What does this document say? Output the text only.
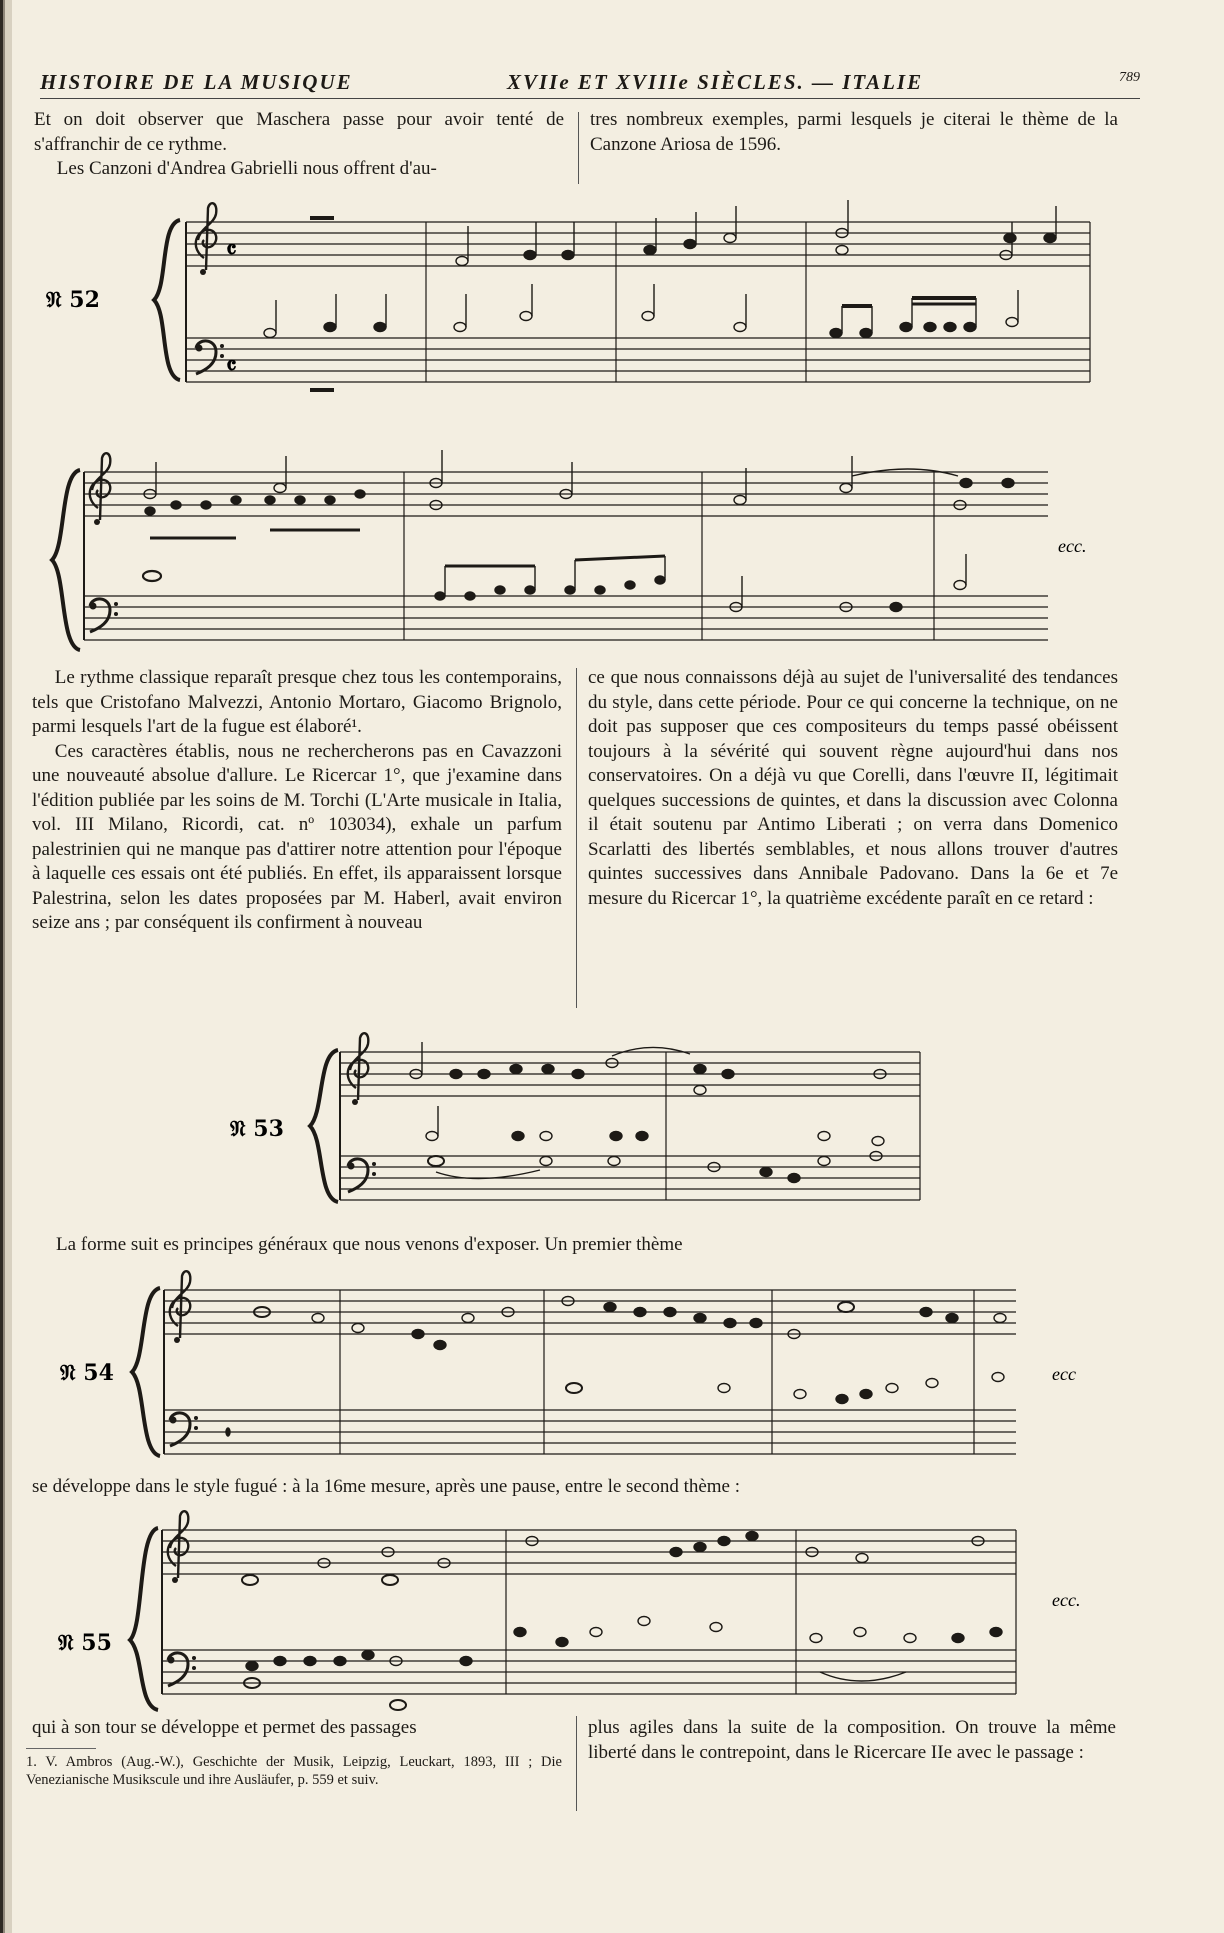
HISTOIRE DE LA MUSIQUE	XVIIe ET XVIIIe SIÈCLES. — ITALIE	789

Et on doit observer que Maschera passe pour avoir tenté de s'affranchir de ce rythme.

Les Canzoni d'Andrea Gabrielli nous offrent d'au-

tres nombreux exemples, parmi lesquels je citerai le thème de la Canzone Ariosa de 1596.

Le rythme classique reparaît presque chez tous les contemporains, tels que Cristofano Malvezzi, Antonio Mortaro, Giacomo Brignolo, parmi lesquels l'art de la fugue est élaboré¹.

Ces caractères établis, nous ne rechercherons pas en Cavazzoni une nouveauté absolue d'allure. Le Ricercar 1°, que j'examine dans l'édition publiée par les soins de M. Torchi (L'Arte musicale in Italia, vol. III Milano, Ricordi, cat. nº 103034), exhale un parfum palestrinien qui ne manque pas d'attirer notre attention pour l'époque à laquelle ces essais ont été publiés. En effet, ils apparaissent lorsque Palestrina, selon les dates proposées par M. Haberl, avait environ seize ans ; par conséquent ils confirment à nouveau

ce que nous connaissons déjà au sujet de l'universalité des tendances du style, dans cette période. Pour ce qui concerne la technique, on ne doit pas supposer que ces compositeurs du temps passé obéissent toujours à la sévérité qui souvent règne aujourd'hui dans nos conservatoires. On a déjà vu que Corelli, dans l'œuvre II, légitimait quelques successions de quintes, et dans la discussion avec Colonna il était soutenu par Antimo Liberati ; on verra dans Domenico Scarlatti des libertés semblables, et nous allons trouver d'autres quintes successives dans Annibale Padovano. Dans la 6e et 7e mesure du Ricercar 1°, la quatrième excédente paraît en ce retard :

La forme suit es principes généraux que nous venons d'exposer. Un premier thème
se développe dans le style fugué : à la 16me mesure, après une pause, entre le second thème :

qui à son tour se développe et permet des passages	plus agiles dans la suite de la composition. On trouve la même liberté dans le contrepoint, dans le Ricercare IIe avec le passage :

1. V. Ambros (Aug.-W.), Geschichte der Musik, Leipzig, Leuckart, 1893, III ; Die Venezianische Musikscule und ihre Ausläufer, p. 559 et suiv.
𝔑 52
𝄴
𝄴
ecc.
𝔑 53
𝔑 54	ecc
𝔑 55
ecc.
